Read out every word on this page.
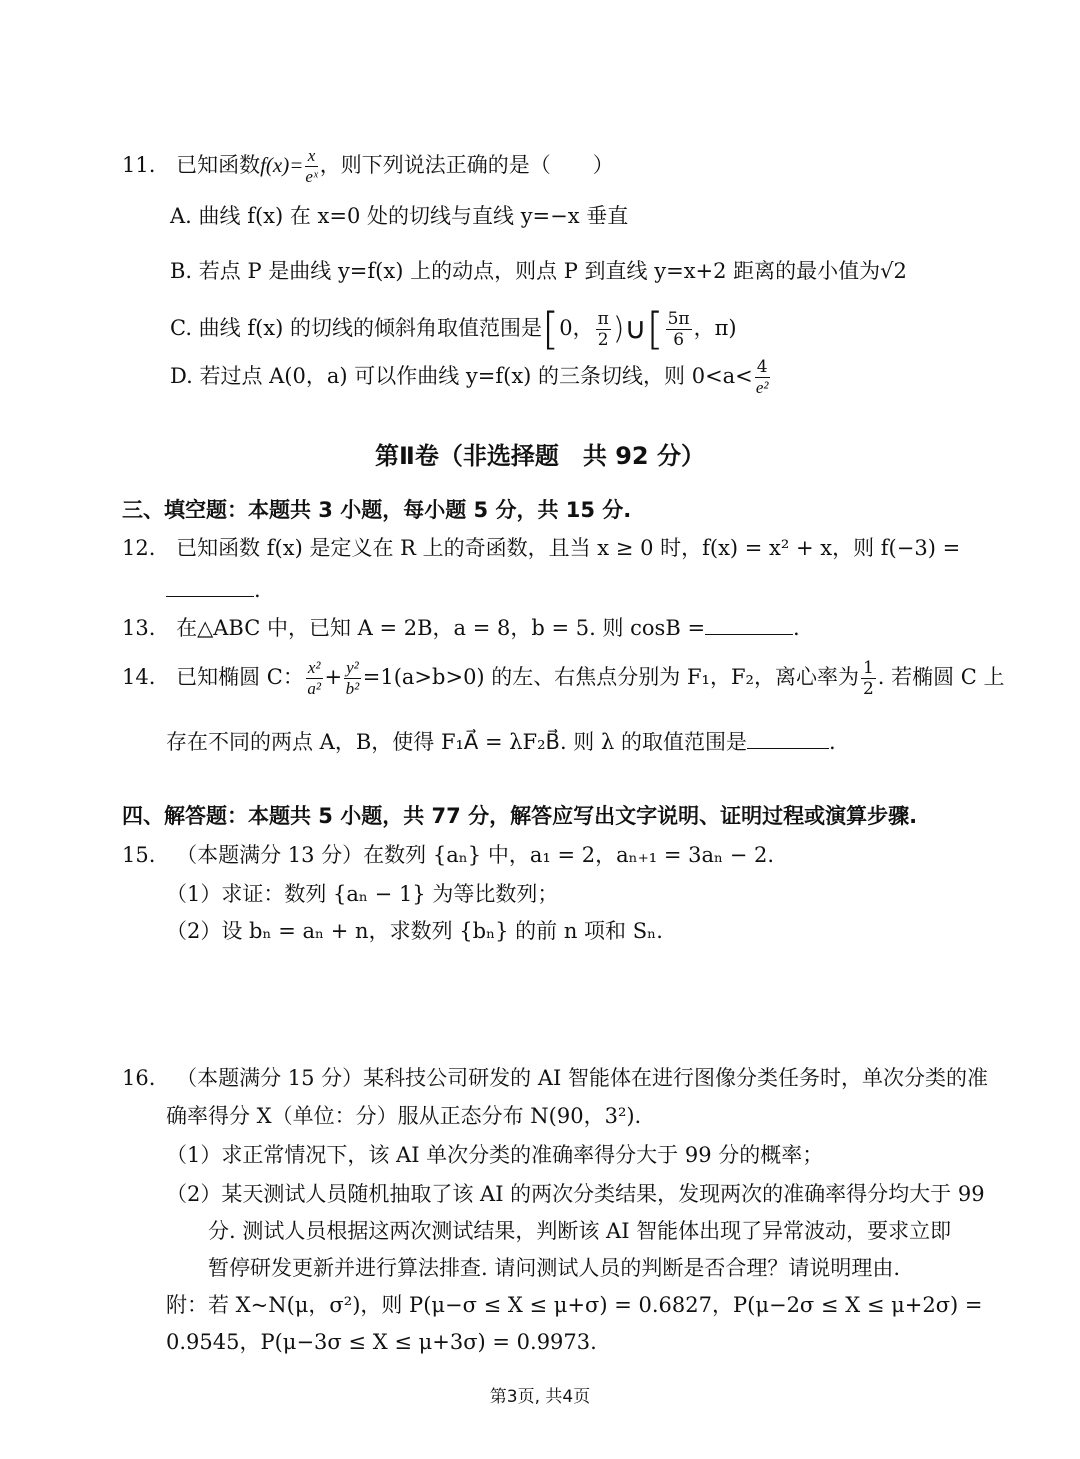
11. 已知函数$f(x)= \frac{x}{\text{eˣ}}$ ，则下列说法正确的是（　　）
A. 曲线 f(x) 在 x=0 处的切线与直线 y=−x 垂直
B. 若点 P 是曲线 y=f(x) 上的动点，则点 P 到直线 y=x+2 距离的最小值为√2
C. 曲线 f(x) 的切线的倾斜角取值范围是[0， $\frac{\pi}{2}$ )∪[ $\frac{5\pi}{6}$ ，π)
D. 若过点 A(0，a) 可以作曲线 y=f(x) 的三条切线，则 $0<a< \frac{4}{\text{e²}}$
第Ⅱ卷（非选择题　共 92 分）
三、填空题：本题共 3 小题，每小题 5 分，共 15 分.
12. 已知函数 f(x) 是定义在 R 上的奇函数，且当 x ≥ 0 时，f(x) = x² + x，则 f(−3) =
.
13. 在△ABC 中，已知 A = 2B，a = 8，b = 5. 则 cosB =	.
14. 已知椭圆 C： $\frac{\text{x²}}{\text{a²}} + \frac{\text{y²}}{\text{b²}} =1(a>b>0)$ 的左、右焦点分别为 F₁，F₂，离心率为 $\frac{1}{2}$ . 若椭圆 C 上
存在不同的两点 A，B，使得 F₁A⃗ = λF₂B⃗. 则 λ 的取值范围是	.
四、解答题：本题共 5 小题，共 77 分，解答应写出文字说明、证明过程或演算步骤.
15. （本题满分 13 分）在数列 {aₙ} 中，a₁ = 2，aₙ₊₁ = 3aₙ − 2.
（1）求证：数列 {aₙ − 1} 为等比数列；
（2）设 bₙ = aₙ + n，求数列 {bₙ} 的前 n 项和 Sₙ.
16. （本题满分 15 分）某科技公司研发的 AI 智能体在进行图像分类任务时，单次分类的准
确率得分 X（单位：分）服从正态分布 N(90，3²).
（1）求正常情况下，该 AI 单次分类的准确率得分大于 99 分的概率；
（2）某天测试人员随机抽取了该 AI 的两次分类结果，发现两次的准确率得分均大于 99
分. 测试人员根据这两次测试结果，判断该 AI 智能体出现了异常波动，要求立即
暂停研发更新并进行算法排查. 请问测试人员的判断是否合理？请说明理由.
附：若 X~N(μ，σ²)，则 P(μ−σ ≤ X ≤ μ+σ) = 0.6827，P(μ−2σ ≤ X ≤ μ+2σ) =
0.9545，P(μ−3σ ≤ X ≤ μ+3σ) = 0.9973.
第3页, 共4页
